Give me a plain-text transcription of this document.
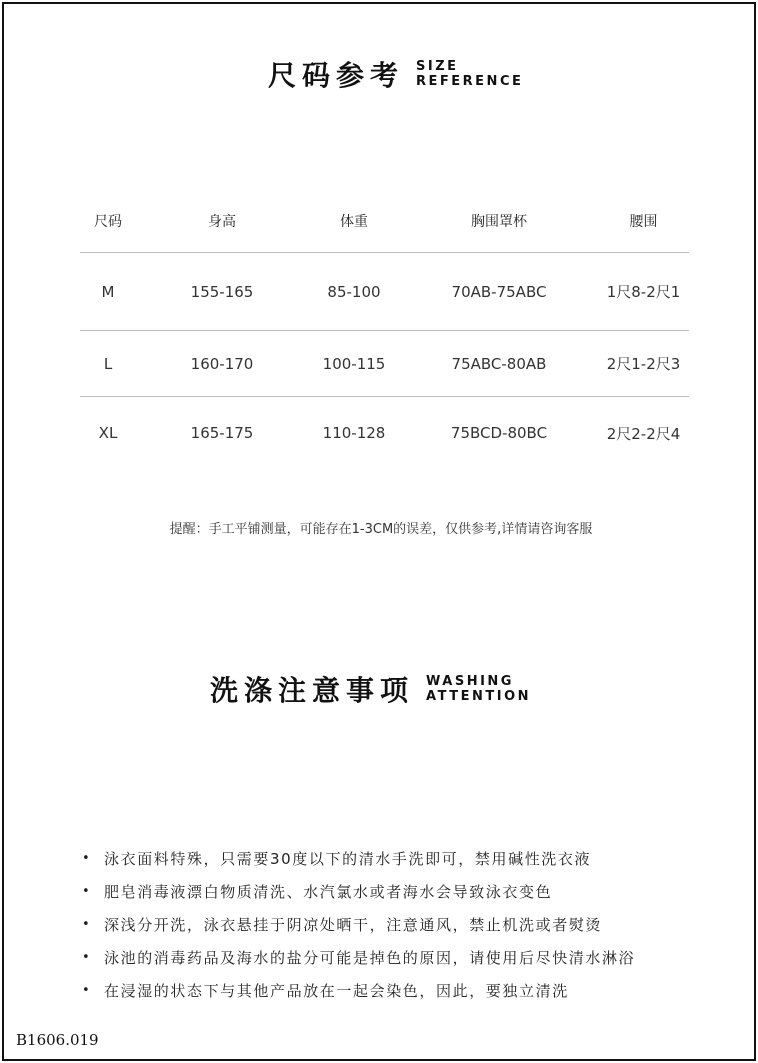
尺码参考 SIZE
REFERENCE
尺码	身高	体重	胸围罩杯	腰围
M	155-165	85-100	70AB-75ABC	1尺8-2尺1
L	160-170	100-115	75ABC-80AB	2尺1-2尺3
XL	165-175	110-128	75BCD-80BC	2尺2-2尺4
提醒：手工平铺测量，可能存在1-3CM的误差，仅供参考,详情请咨询客服
洗涤注意事项 WASHING
ATTENTION
• 泳衣面料特殊，只需要30度以下的清水手洗即可，禁用碱性洗衣液
• 肥皂消毒液漂白物质清洗、水汽氯水或者海水会导致泳衣变色
• 深浅分开洗，泳衣悬挂于阴凉处晒干，注意通风，禁止机洗或者熨烫
• 泳池的消毒药品及海水的盐分可能是掉色的原因，请使用后尽快清水淋浴
• 在浸湿的状态下与其他产品放在一起会染色，因此，要独立清洗
B1606.019
